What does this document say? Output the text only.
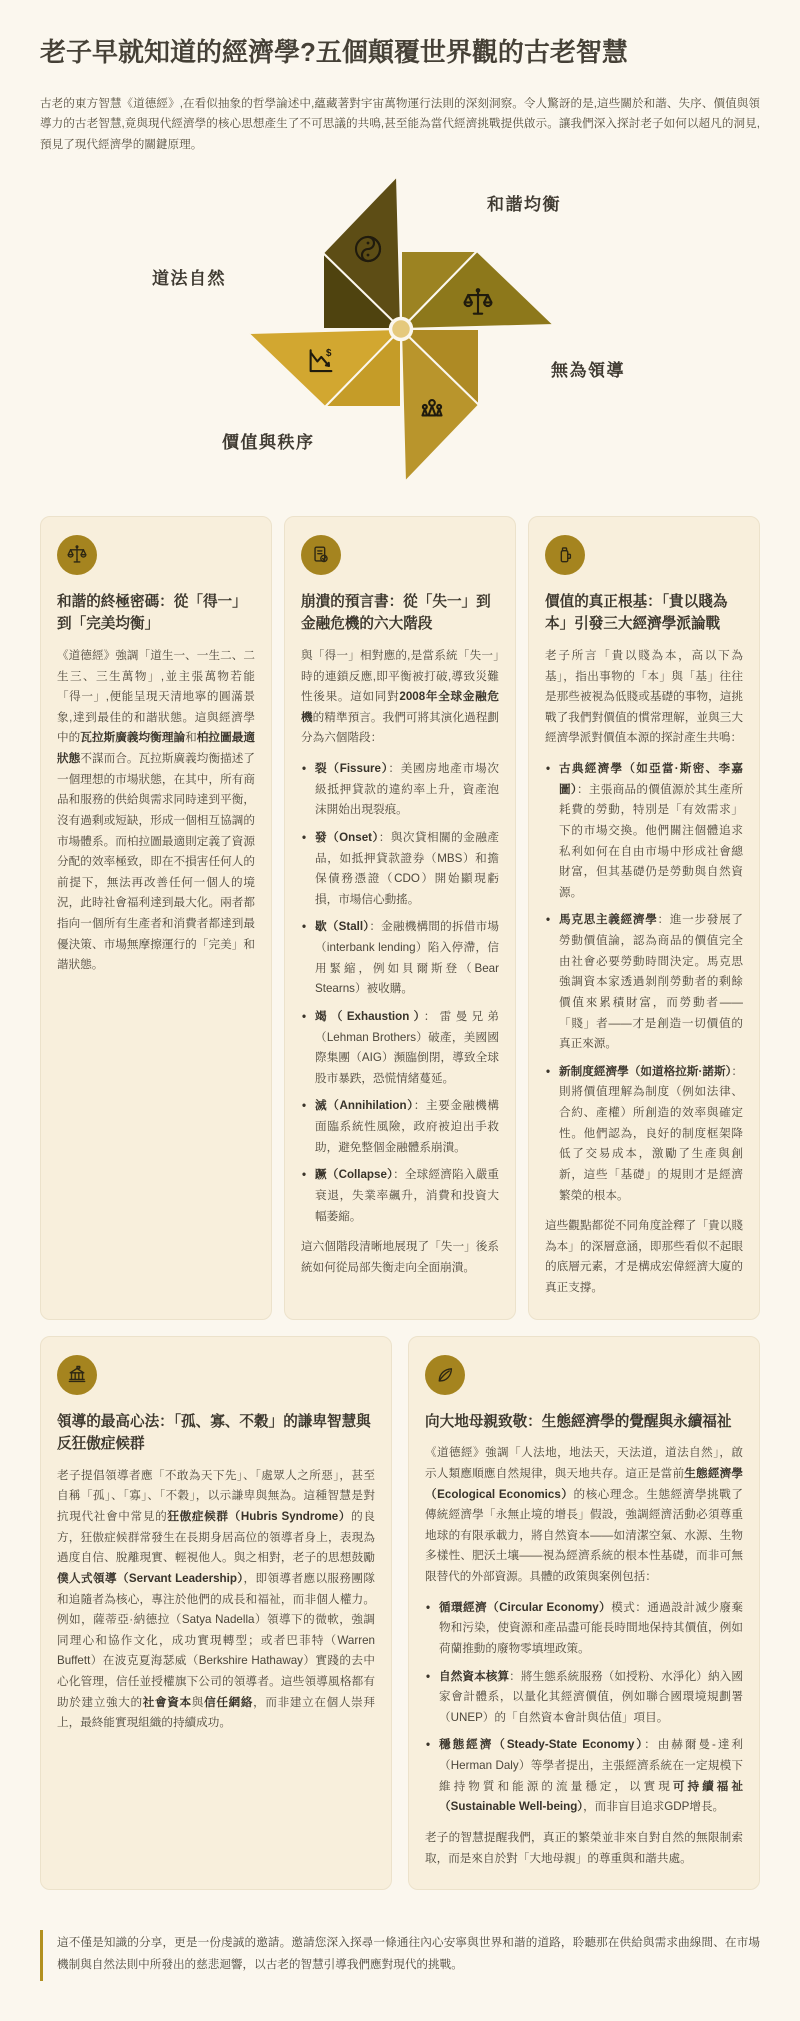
老子早就知道的經濟學?五個顛覆世界觀的古老智慧

古老的東方智慧《道德經》,在看似抽象的哲學論述中,蘊藏著對宇宙萬物運行法則的深刻洞察。令人驚訝的是,這些關於和諧、失序、價值與領導力的古老智慧,竟與現代經濟學的核心思想產生了不可思議的共鳴,甚至能為當代經濟挑戰提供啟示。讓我們深入探討老子如何以超凡的洞見,預見了現代經濟學的關鍵原理。

$
和諧均衡
道法自然
無為領導
價值與秩序
和諧的終極密碼：從「得一」到「完美均衡」

《道德經》強調「道生一、一生二、二生三、三生萬物」,並主張萬物若能「得一」,便能呈現天清地寧的圓滿景象,達到最佳的和諧狀態。這與經濟學中的瓦拉斯廣義均衡理論和柏拉圖最適狀態不謀而合。瓦拉斯廣義均衡描述了一個理想的市場狀態，在其中，所有商品和服務的供給與需求同時達到平衡，沒有過剩或短缺，形成一個相互協調的市場體系。而柏拉圖最適則定義了資源分配的效率極致，即在不損害任何人的前提下，無法再改善任何一個人的境況，此時社會福利達到最大化。兩者都指向一個所有生產者和消費者都達到最優決策、市場無摩擦運行的「完美」和諧狀態。

崩潰的預言書：從「失一」到金融危機的六大階段

與「得一」相對應的,是當系統「失一」時的連鎖反應,即平衡被打破,導致災難性後果。這如同對2008年全球金融危機的精準預言。我們可將其演化過程劃分為六個階段：

• 裂（Fissure）：美國房地產市場次級抵押貸款的違約率上升，資產泡沫開始出現裂痕。
• 發（Onset）：與次貸相關的金融產品，如抵押貸款證券（MBS）和擔保債務憑證（CDO）開始顯現虧損，市場信心動搖。
• 歇（Stall）：金融機構間的拆借市場（interbank lending）陷入停滯，信用緊縮，例如貝爾斯登（Bear Stearns）被收購。
• 竭（Exhaustion）：雷曼兄弟（Lehman Brothers）破產，美國國際集團（AIG）瀕臨倒閉，導致全球股市暴跌，恐慌情緒蔓延。
• 滅（Annihilation）：主要金融機構面臨系統性風險，政府被迫出手救助，避免整個金融體系崩潰。
• 蹶（Collapse）：全球經濟陷入嚴重衰退，失業率飆升，消費和投資大幅萎縮。

這六個階段清晰地展現了「失一」後系統如何從局部失衡走向全面崩潰。

價值的真正根基：「貴以賤為本」引發三大經濟學派論戰

老子所言「貴以賤為本，高以下為基」，指出事物的「本」與「基」往往是那些被視為低賤或基礎的事物，這挑戰了我們對價值的慣常理解，並與三大經濟學派對價值本源的探討產生共鳴：

• 古典經濟學（如亞當·斯密、李嘉圖）：主張商品的價值源於其生產所耗費的勞動，特別是「有效需求」下的市場交換。他們關注個體追求私利如何在自由市場中形成社會總財富，但其基礎仍是勞動與自然資源。
• 馬克思主義經濟學：進一步發展了勞動價值論，認為商品的價值完全由社會必要勞動時間決定。馬克思強調資本家透過剝削勞動者的剩餘價值來累積財富，而勞動者——「賤」者——才是創造一切價值的真正來源。
• 新制度經濟學（如道格拉斯·諾斯）：則將價值理解為制度（例如法律、合約、產權）所創造的效率與確定性。他們認為，良好的制度框架降低了交易成本，激勵了生產與創新，這些「基礎」的規則才是經濟繁榮的根本。

這些觀點都從不同角度詮釋了「貴以賤為本」的深層意涵，即那些看似不起眼的底層元素，才是構成宏偉經濟大廈的真正支撐。

領導的最高心法：「孤、寡、不穀」的謙卑智慧與反狂傲症候群

老子提倡領導者應「不敢為天下先」、「處眾人之所惡」，甚至自稱「孤」、「寡」、「不穀」，以示謙卑與無為。這種智慧是對抗現代社會中常見的狂傲症候群（Hubris Syndrome）的良方，狂傲症候群常發生在長期身居高位的領導者身上，表現為過度自信、脫離現實、輕視他人。與之相對，老子的思想鼓勵僕人式領導（Servant Leadership），即領導者應以服務團隊和追隨者為核心，專注於他們的成長和福祉，而非個人權力。例如，薩蒂亞·納德拉（Satya Nadella）領導下的微軟，強調同理心和協作文化，成功實現轉型；或者巴菲特（Warren Buffett）在波克夏海瑟威（Berkshire Hathaway）實踐的去中心化管理，信任並授權旗下公司的領導者。這些領導風格都有助於建立強大的社會資本與信任網絡，而非建立在個人崇拜上，最終能實現組織的持續成功。

向大地母親致敬：生態經濟學的覺醒與永續福祉

《道德經》強調「人法地，地法天，天法道，道法自然」，啟示人類應順應自然規律，與天地共存。這正是當前生態經濟學（Ecological Economics）的核心理念。生態經濟學挑戰了傳統經濟學「永無止境的增長」假設，強調經濟活動必須尊重地球的有限承載力，將自然資本——如清潔空氣、水源、生物多樣性、肥沃土壤——視為經濟系統的根本性基礎，而非可無限替代的外部資源。具體的政策與案例包括：

• 循環經濟（Circular Economy）模式：通過設計減少廢棄物和污染，使資源和產品盡可能長時間地保持其價值，例如荷蘭推動的廢物零填埋政策。
• 自然資本核算：將生態系統服務（如授粉、水淨化）納入國家會計體系，以量化其經濟價值，例如聯合國環境規劃署（UNEP）的「自然資本會計與估值」項目。
• 穩態經濟（Steady-State Economy）：由赫爾曼-達利（Herman Daly）等學者提出，主張經濟系統在一定規模下維持物質和能源的流量穩定，以實現可持續福祉（Sustainable Well-being），而非盲目追求GDP增長。

老子的智慧提醒我們，真正的繁榮並非來自對自然的無限制索取，而是來自於對「大地母親」的尊重與和諧共處。

這不僅是知識的分享，更是一份虔誠的邀請。邀請您深入探尋一條通往內心安寧與世界和諧的道路，聆聽那在供給與需求曲線間、在市場機制與自然法則中所發出的慈悲迴響，以古老的智慧引導我們應對現代的挑戰。
